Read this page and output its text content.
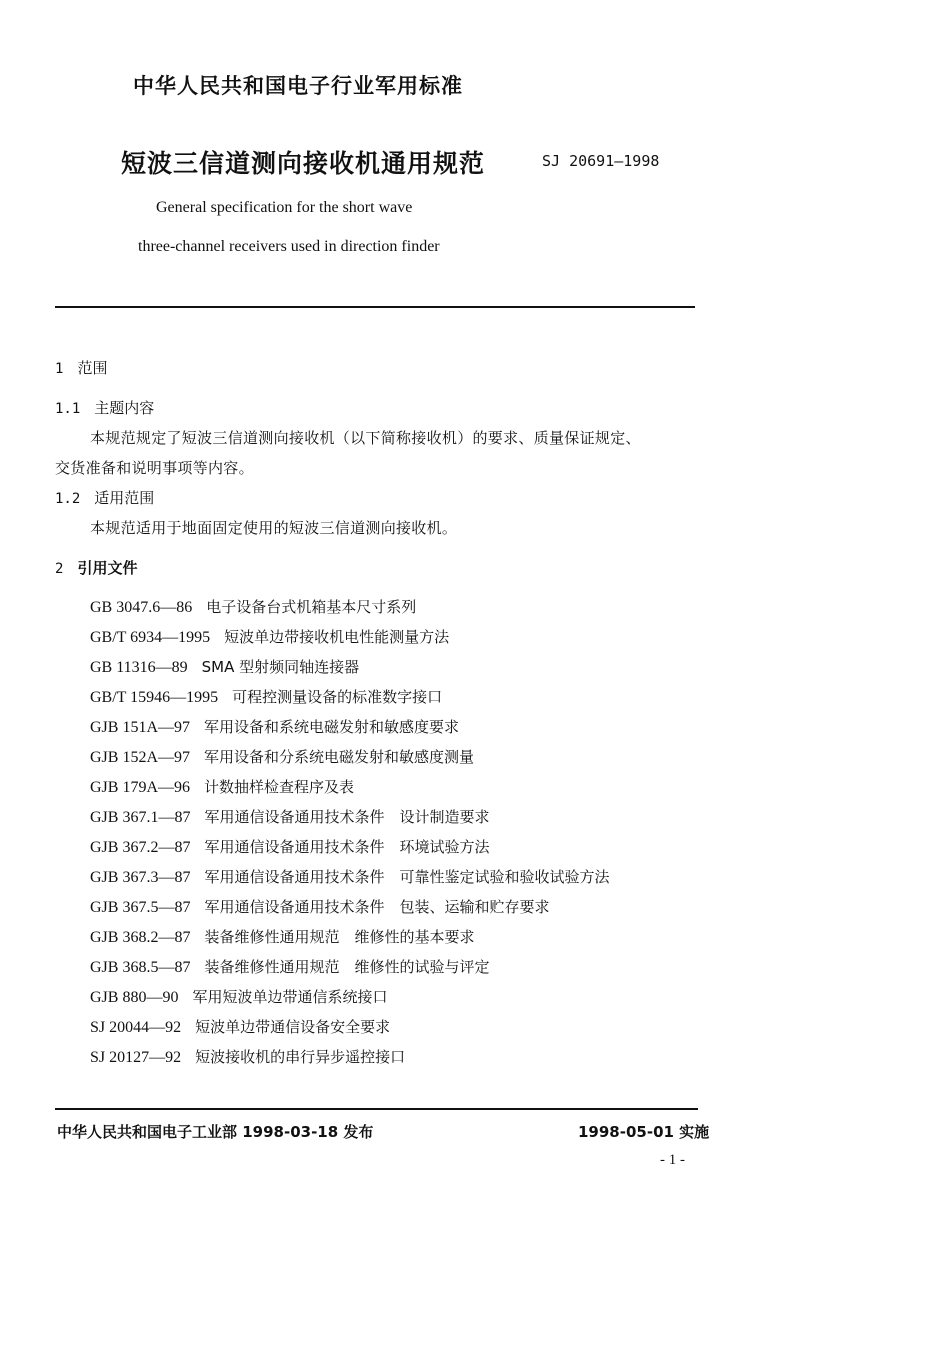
中华人民共和国电子行业军用标准
短波三信道测向接收机通用规范	SJ 20691—1998
General specification for the short wave
three-channel receivers used in direction finder
1 范围
1.1 主题内容
本规范规定了短波三信道测向接收机（以下简称接收机）的要求、质量保证规定、
交货准备和说明事项等内容。
1.2 适用范围
本规范适用于地面固定使用的短波三信道测向接收机。
2 引用文件
GB 3047.6—86 电子设备台式机箱基本尺寸系列
GB/T 6934—1995 短波单边带接收机电性能测量方法
GB 11316—89 SMA 型射频同轴连接器
GB/T 15946—1995 可程控测量设备的标准数字接口
GJB 151A—97 军用设备和系统电磁发射和敏感度要求
GJB 152A—97 军用设备和分系统电磁发射和敏感度测量
GJB 179A—96 计数抽样检查程序及表
GJB 367.1—87 军用通信设备通用技术条件　设计制造要求
GJB 367.2—87 军用通信设备通用技术条件　环境试验方法
GJB 367.3—87 军用通信设备通用技术条件　可靠性鉴定试验和验收试验方法
GJB 367.5—87 军用通信设备通用技术条件　包装、运输和贮存要求
GJB 368.2—87 装备维修性通用规范　维修性的基本要求
GJB 368.5—87 装备维修性通用规范　维修性的试验与评定
GJB 880—90 军用短波单边带通信系统接口
SJ 20044—92 短波单边带通信设备安全要求
SJ 20127—92 短波接收机的串行异步遥控接口
中华人民共和国电子工业部 1998-03-18 发布	1998-05-01 实施
- 1 -
